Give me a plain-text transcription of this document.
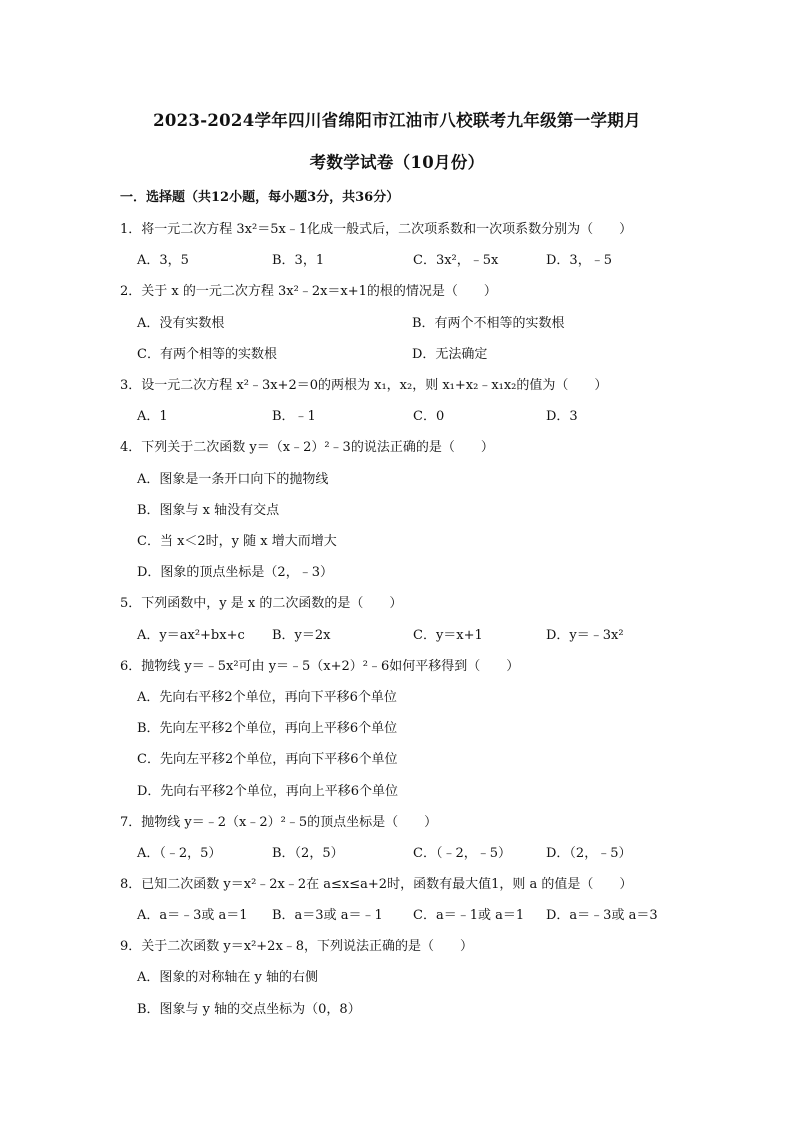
2023-2024学年四川省绵阳市江油市八校联考九年级第一学期月
考数学试卷（10月份）
一．选择题（共12小题，每小题3分，共36分）
1．将一元二次方程 3x²＝5x﹣1化成一般式后，二次项系数和一次项系数分别为（　　）
A．3，5	B．3，1	C．3x²，﹣5x	D．3，﹣5
2．关于 x 的一元二次方程 3x²﹣2x＝x+1的根的情况是（　　）
A．没有实数根	B．有两个不相等的实数根
C．有两个相等的实数根	D．无法确定
3．设一元二次方程 x²﹣3x+2＝0的两根为 x₁，x₂，则 x₁+x₂﹣x₁x₂的值为（　　）
A．1	B．﹣1	C．0	D．3
4．下列关于二次函数 y＝（x﹣2）²﹣3的说法正确的是（　　）
A．图象是一条开口向下的抛物线
B．图象与 x 轴没有交点
C．当 x＜2时，y 随 x 增大而增大
D．图象的顶点坐标是（2，﹣3）
5．下列函数中，y 是 x 的二次函数的是（　　）
A．y＝ax²+bx+c B．y＝2x	C．y＝x+1	D．y＝﹣3x²
6．抛物线 y＝﹣5x²可由 y＝﹣5（x+2）²﹣6如何平移得到（　　）
A．先向右平移2个单位，再向下平移6个单位
B．先向左平移2个单位，再向上平移6个单位
C．先向左平移2个单位，再向下平移6个单位
D．先向右平移2个单位，再向上平移6个单位
7．抛物线 y＝﹣2（x﹣2）²﹣5的顶点坐标是（　　）
A．（﹣2，5）	B．（2，5）	C．（﹣2，﹣5）	D．（2，﹣5）
8．已知二次函数 y＝x²﹣2x﹣2在 a≤x≤a+2时，函数有最大值1，则 a 的值是（　　）
A．a＝﹣3或 a＝1 B．a＝3或 a＝﹣1 C．a＝﹣1或 a＝1 D．a＝﹣3或 a＝3
9．关于二次函数 y＝x²+2x﹣8，下列说法正确的是（　　）
A．图象的对称轴在 y 轴的右侧
B．图象与 y 轴的交点坐标为（0，8）
